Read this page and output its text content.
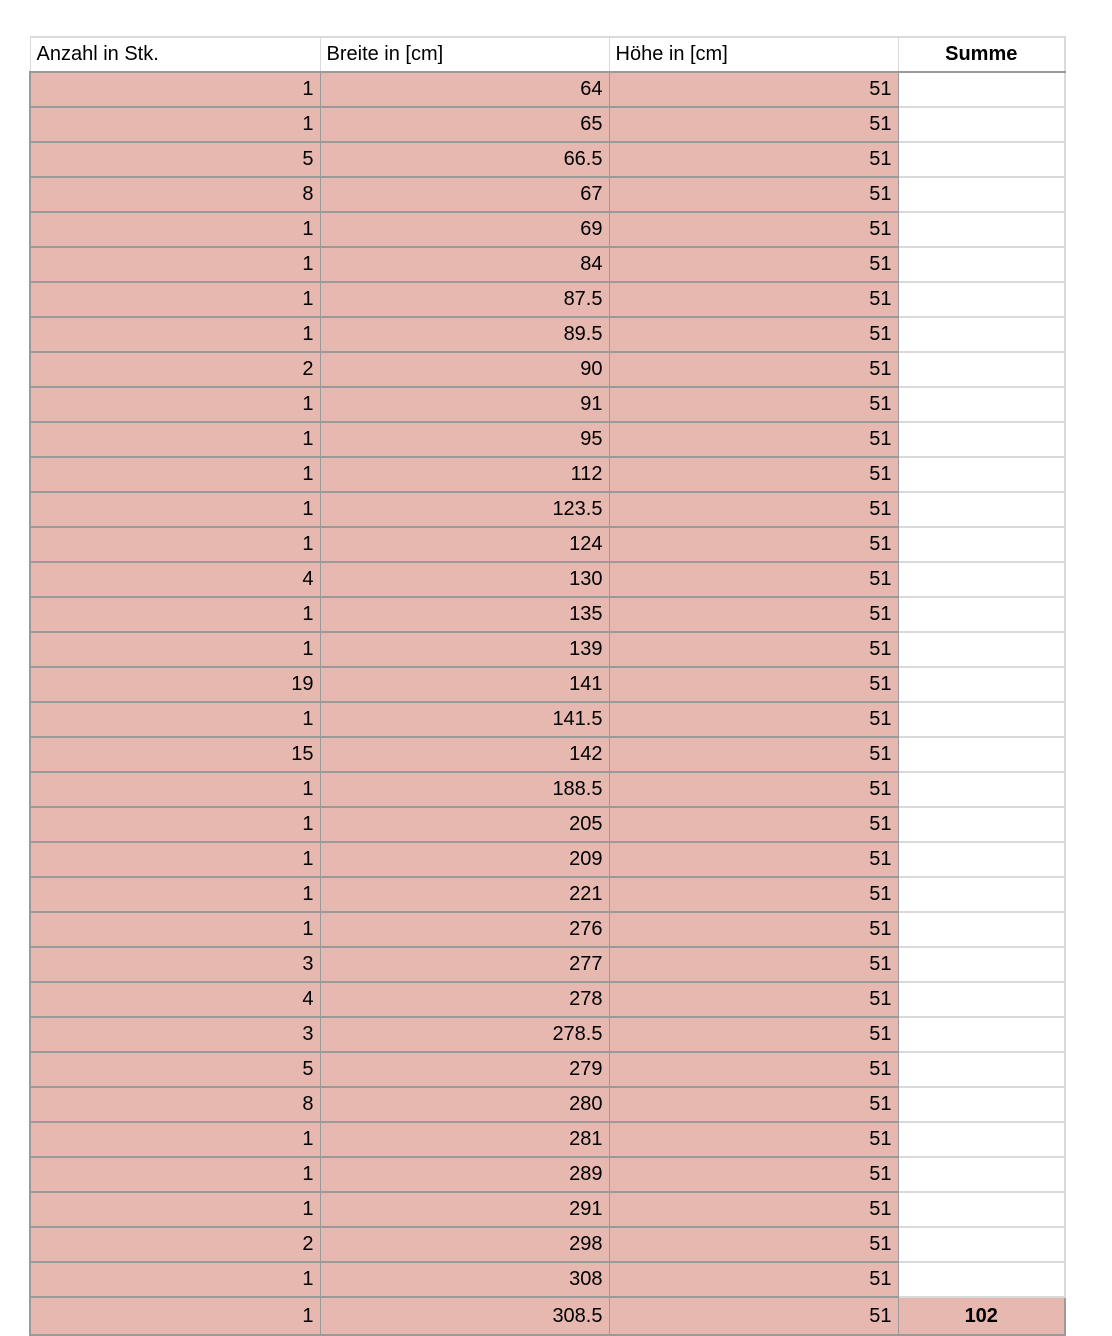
Anzahl in Stk.	Breite in [cm]	Höhe in [cm]	Summe
1	64	51	
1	65	51	
5	66.5	51	
8	67	51	
1	69	51	
1	84	51	
1	87.5	51	
1	89.5	51	
2	90	51	
1	91	51	
1	95	51	
1	112	51	
1	123.5	51	
1	124	51	
4	130	51	
1	135	51	
1	139	51	
19	141	51	
1	141.5	51	
15	142	51	
1	188.5	51	
1	205	51	
1	209	51	
1	221	51	
1	276	51	
3	277	51	
4	278	51	
3	278.5	51	
5	279	51	
8	280	51	
1	281	51	
1	289	51	
1	291	51	
2	298	51	
1	308	51	
1	308.5	51	102
